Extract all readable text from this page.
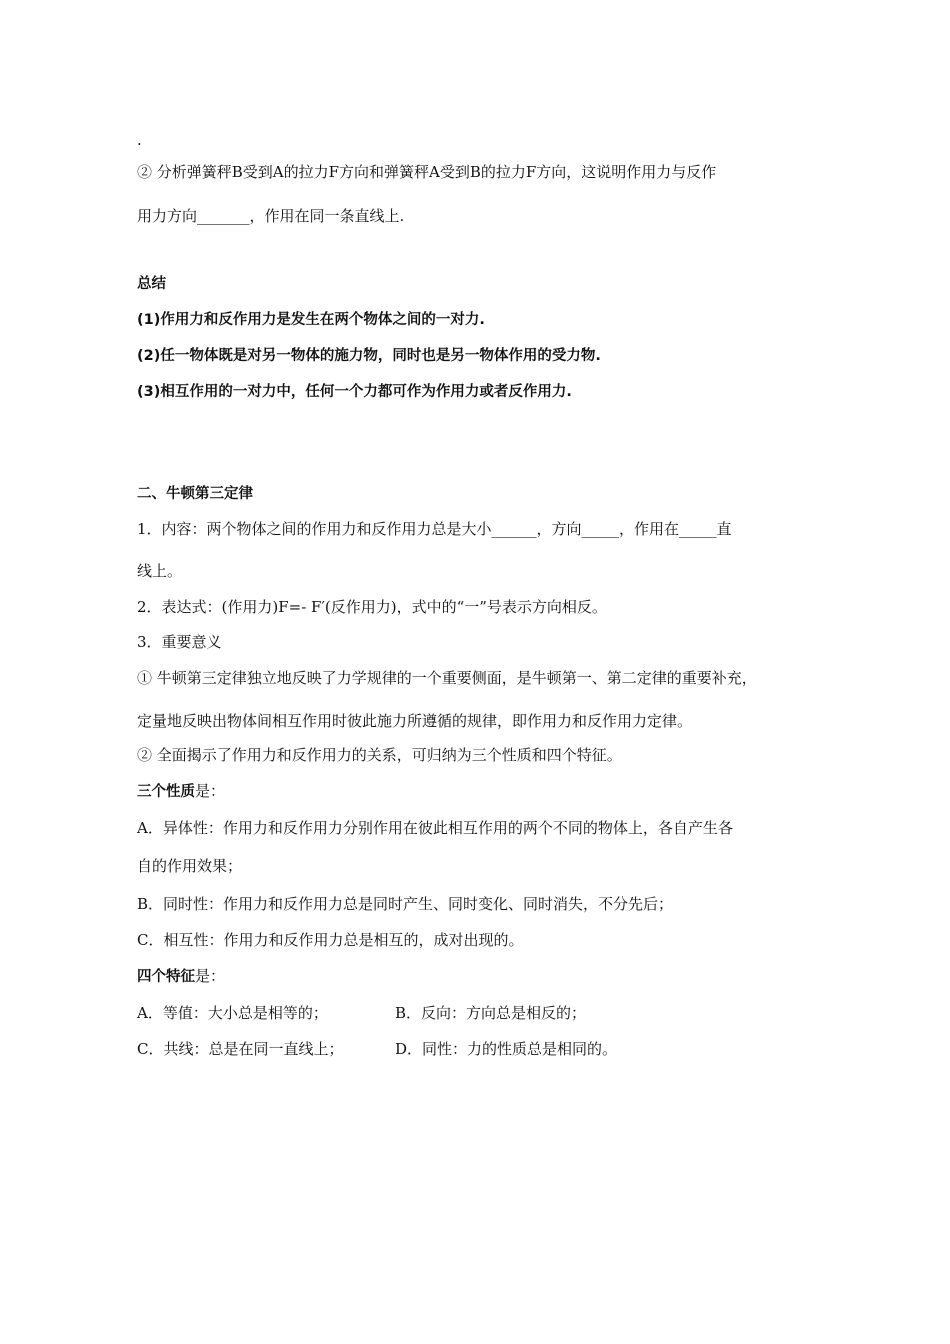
.
② 分析弹簧秤B受到A的拉力F方向和弹簧秤A受到B的拉力F方向，这说明作用力与反作
用力方向_______，作用在同一条直线上.
总结
(1)作用力和反作用力是发生在两个物体之间的一对力.
(2)任一物体既是对另一物体的施力物，同时也是另一物体作用的受力物.
(3)相互作用的一对力中，任何一个力都可作为作用力或者反作用力.
二、牛顿第三定律
1．内容：两个物体之间的作用力和反作用力总是大小______，方向_____，作用在_____直
线上。
2．表达式：(作用力)F=- F′(反作用力)，式中的“一”号表示方向相反。
3．重要意义
① 牛顿第三定律独立地反映了力学规律的一个重要侧面，是牛顿第一、第二定律的重要补充，
定量地反映出物体间相互作用时彼此施力所遵循的规律，即作用力和反作用力定律。
② 全面揭示了作用力和反作用力的关系，可归纳为三个性质和四个特征。
三个性质是：
A．异体性：作用力和反作用力分别作用在彼此相互作用的两个不同的物体上，各自产生各
自的作用效果；
B．同时性：作用力和反作用力总是同时产生、同时变化、同时消失，不分先后；
C．相互性：作用力和反作用力总是相互的，成对出现的。
四个特征是：
A．等值：大小总是相等的；	B．反向：方向总是相反的；
C．共线：总是在同一直线上；	D．同性：力的性质总是相同的。
